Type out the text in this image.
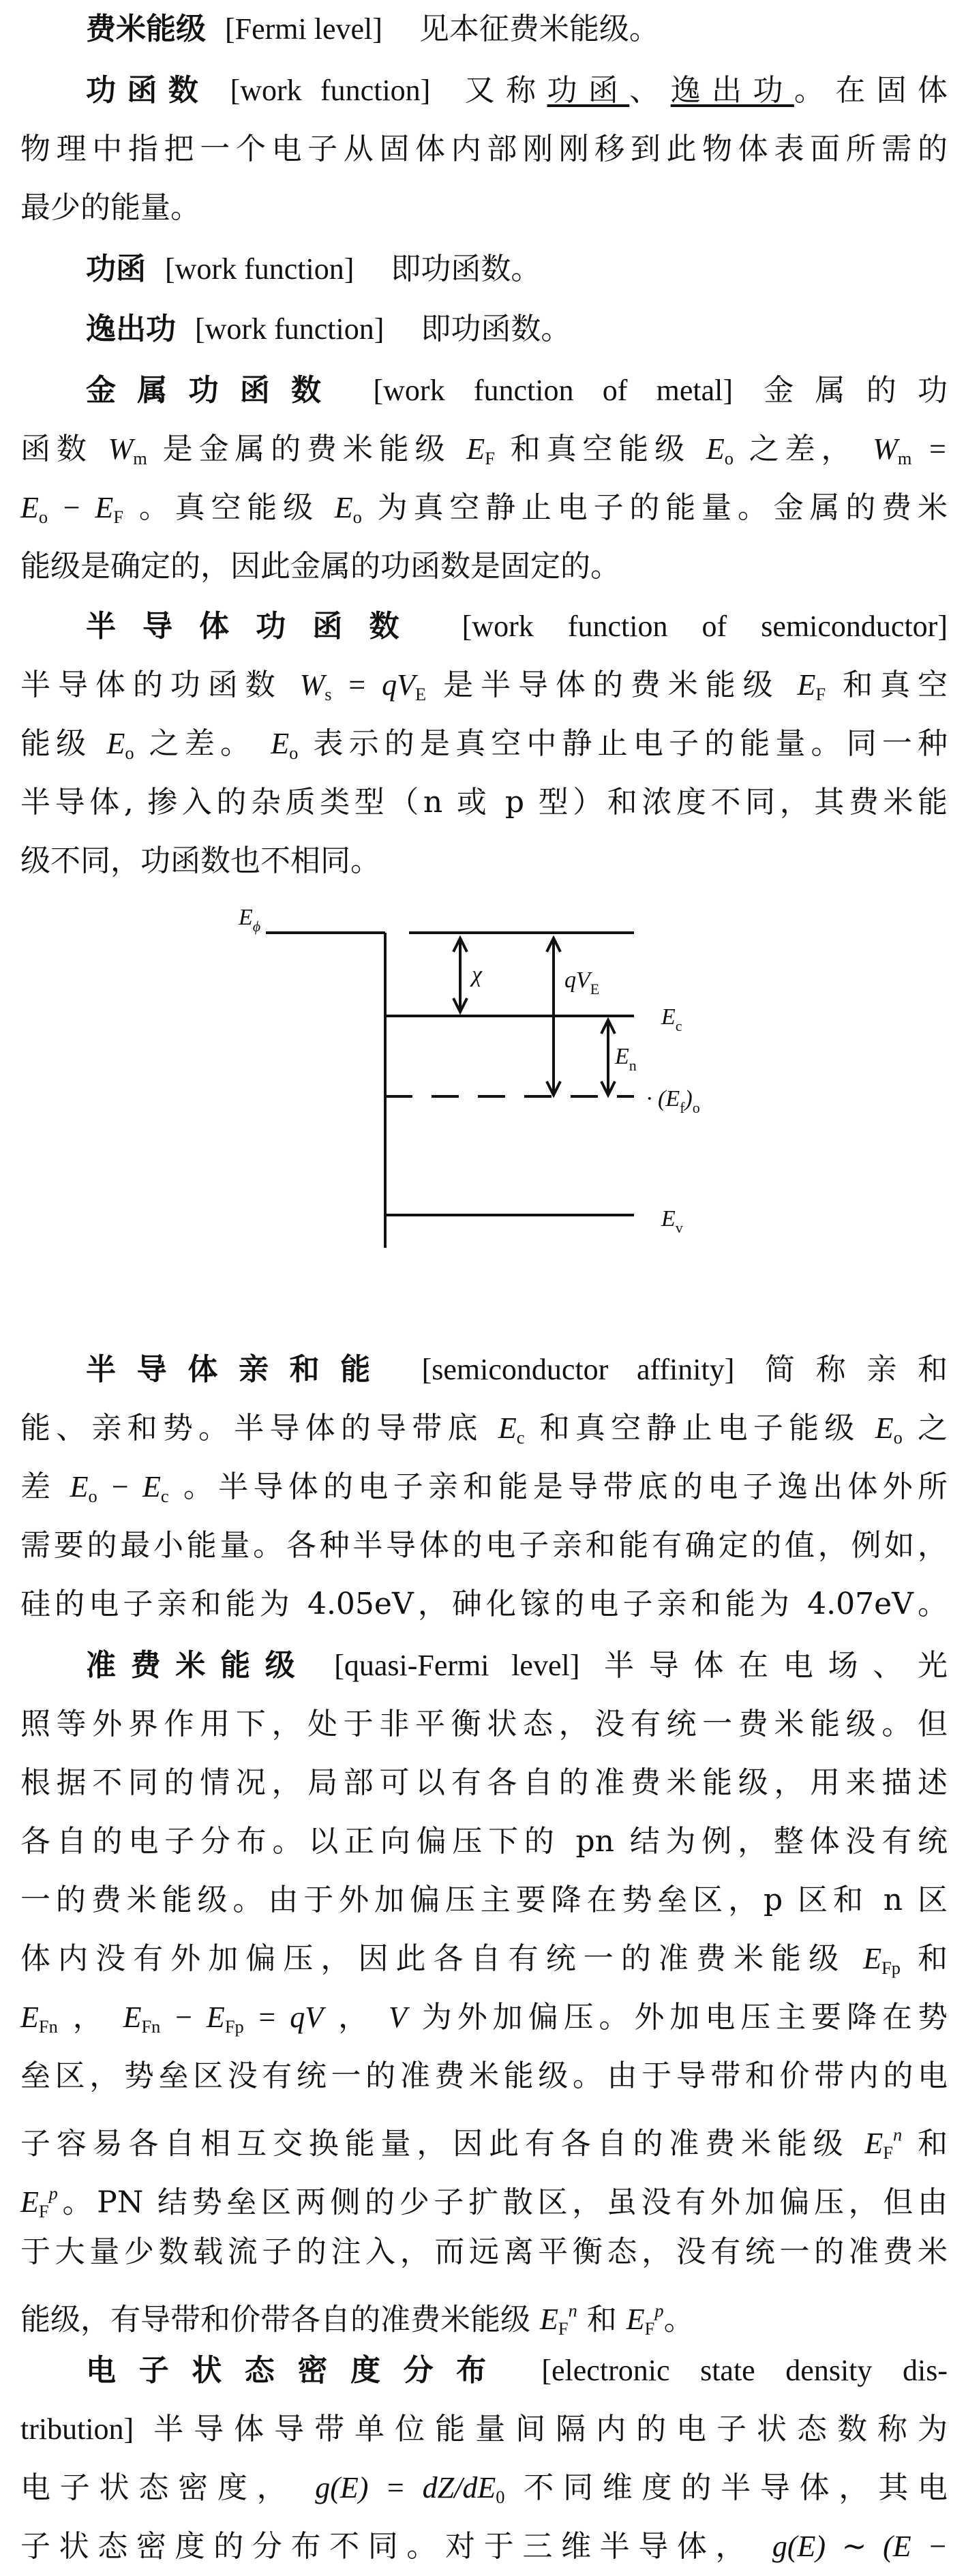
费米能级 [Fermi level] 见本征费米能级。
功函数 [work function] 又称功函、逸出功。在固体
物理中指把一个电子从固体内部刚刚移到此物体表面所需的
最少的能量。
功函 [work function] 即功函数。
逸出功 [work function] 即功函数。
金属功函数 [work function of metal] 金属的功
函数 $W_m$ 是金属的费米能级 $E_F$ 和真空能级 $E_o$ 之差， $W_m$ =
$E_o - E_F$ 。真空能级 $E_o$ 为真空静止电子的能量。金属的费米
能级是确定的，因此金属的功函数是固定的。
半导体功函数 [work function of semiconductor]
半导体的功函数 $W_s = qV_E$ 是半导体的费米能级 $E_F$ 和真空
能级 $E_o$ 之差。 $E_o$ 表示的是真空中静止电子的能量。同一种
半导体, 掺入的杂质类型（n 或 p 型）和浓度不同，其费米能
级不同，功函数也不相同。
$E_\phi$
χ	$qV_E$
$E_c$
$E_n$
· $(E_f)_o$
$E_v$
半导体亲和能 [semiconductor affinity] 简称亲和
能、亲和势。半导体的导带底 $E_c$ 和真空静止电子能级 $E_o$ 之
差 $E_o - E_c$ 。半导体的电子亲和能是导带底的电子逸出体外所
需要的最小能量。各种半导体的电子亲和能有确定的值，例如，
硅的电子亲和能为 4.05eV，砷化镓的电子亲和能为 4.07eV。
准费米能级 [quasi-Fermi level] 半导体在电场、光
照等外界作用下，处于非平衡状态，没有统一费米能级。但
根据不同的情况，局部可以有各自的准费米能级，用来描述
各自的电子分布。以正向偏压下的 pn 结为例，整体没有统
一的费米能级。由于外加偏压主要降在势垒区，p 区和 n 区
体内没有外加偏压，因此各自有统一的准费米能级 $E_{Fp}$ 和
$E_{Fn}$ ， $E_{Fn} - E_{Fp}$ = qV ， V 为外加偏压。外加电压主要降在势
垒区，势垒区没有统一的准费米能级。由于导带和价带内的电
子容易各自相互交换能量，因此有各自的准费米能级 $E_F^n$ 和
$E_F^p$。PN 结势垒区两侧的少子扩散区，虽没有外加偏压，但由
于大量少数载流子的注入，而远离平衡态，没有统一的准费米
能级，有导带和价带各自的准费米能级 $E_F^n$ 和 $E_F^p$。
电子状态密度分布 [electronic state density dis-
tribution] 半导体导带单位能量间隔内的电子状态数称为
电子状态密度， $g(E) = dZ/dE_0$ 不同维度的半导体，其电
子状态密度的分布不同。对于三维半导体， g(E) ∼ (E −
